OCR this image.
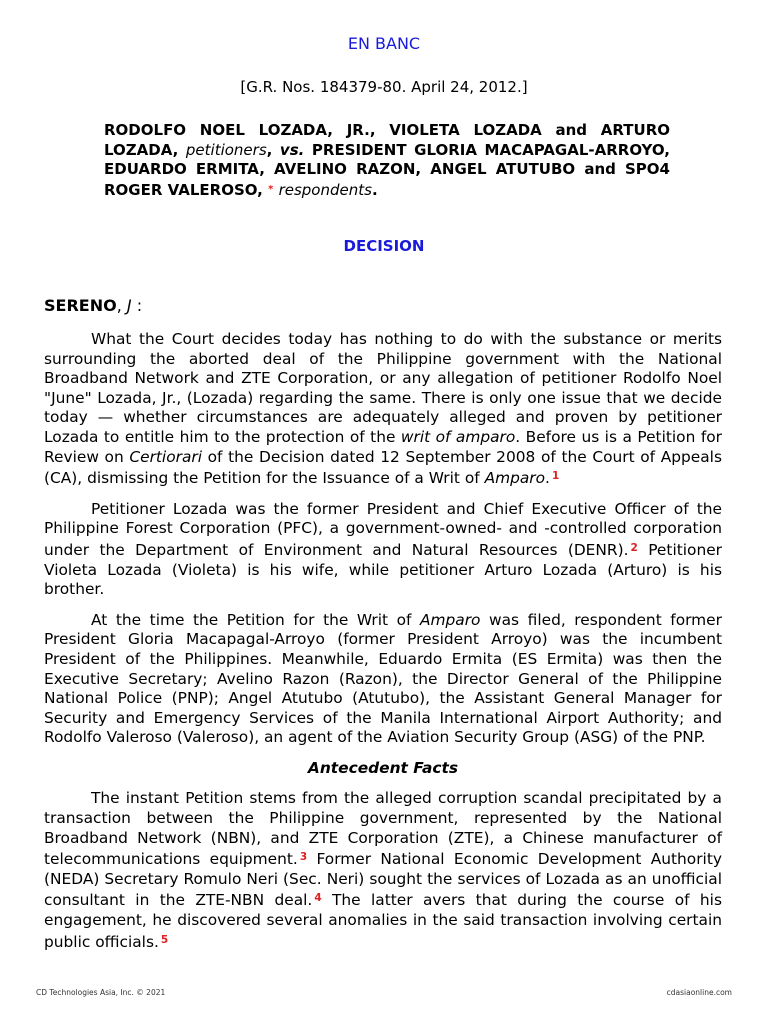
EN BANC
[G.R. Nos. 184379-80. April 24, 2012.]
RODOLFO NOEL LOZADA, JR., VIOLETA LOZADA and ARTURO LOZADA, petitioners, vs. PRESIDENT GLORIA MACAPAGAL-ARROYO, EDUARDO ERMITA, AVELINO RAZON, ANGEL ATUTUBO and SPO4 ROGER VALEROSO, * respondents.
DECISION
SERENO, J :

What the Court decides today has nothing to do with the substance or merits surrounding the aborted deal of the Philippine government with the National Broadband Network and ZTE Corporation, or any allegation of petitioner Rodolfo Noel "June" Lozada, Jr., (Lozada) regarding the same. There is only one issue that we decide today — whether circumstances are adequately alleged and proven by petitioner Lozada to entitle him to the protection of the writ of amparo. Before us is a Petition for Review on Certiorari of the Decision dated 12 September 2008 of the Court of Appeals (CA), dismissing the Petition for the Issuance of a Writ of Amparo. $^1$

Petitioner Lozada was the former President and Chief Executive Officer of the Philippine Forest Corporation (PFC), a government-owned- and -controlled corporation under the Department of Environment and Natural Resources (DENR). $^2$ Petitioner Violeta Lozada (Violeta) is his wife, while petitioner Arturo Lozada (Arturo) is his brother.

At the time the Petition for the Writ of Amparo was filed, respondent former President Gloria Macapagal-Arroyo (former President Arroyo) was the incumbent President of the Philippines. Meanwhile, Eduardo Ermita (ES Ermita) was then the Executive Secretary; Avelino Razon (Razon), the Director General of the Philippine National Police (PNP); Angel Atutubo (Atutubo), the Assistant General Manager for Security and Emergency Services of the Manila International Airport Authority; and Rodolfo Valeroso (Valeroso), an agent of the Aviation Security Group (ASG) of the PNP.

Antecedent Facts

The instant Petition stems from the alleged corruption scandal precipitated by a transaction between the Philippine government, represented by the National Broadband Network (NBN), and ZTE Corporation (ZTE), a Chinese manufacturer of telecommunications equipment. $^3$ Former National Economic Development Authority (NEDA) Secretary Romulo Neri (Sec. Neri) sought the services of Lozada as an unofficial consultant in the ZTE-NBN deal. $^4$ The latter avers that during the course of his engagement, he discovered several anomalies in the said transaction involving certain public officials. $^5$

CD Technologies Asia, Inc. © 2021	cdasiaonline.com
